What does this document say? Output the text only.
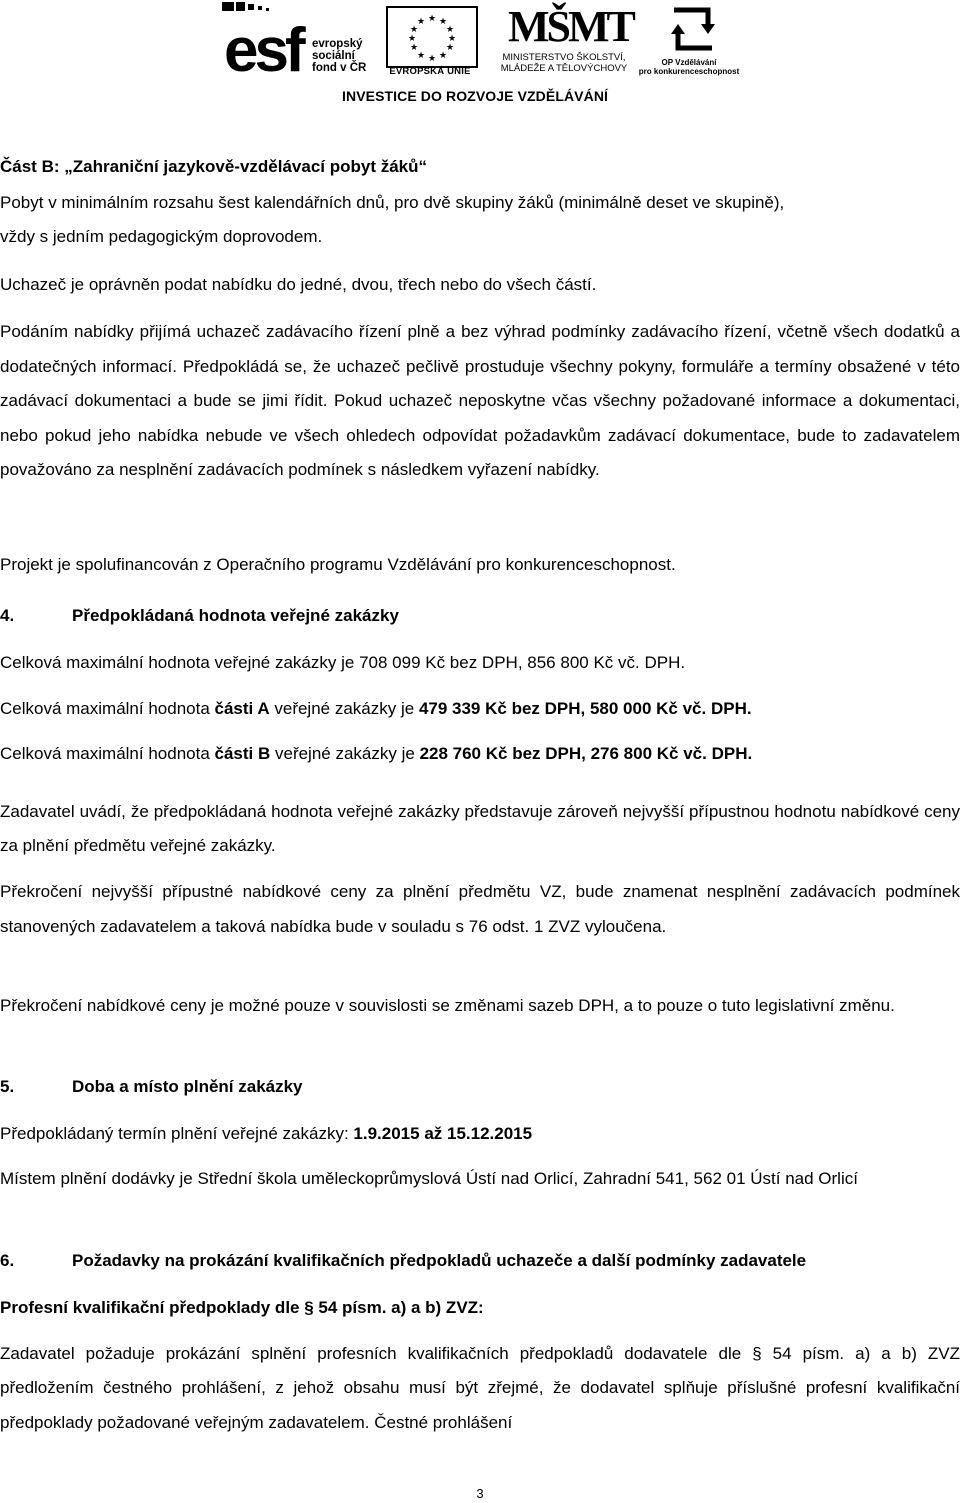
esf evropský
sociální
fond v ČR
★ ★
★
★
★
★
★
★
★
★
★
★
EVROPSKÁ UNIE
MŠMT
MINISTERSTVO ŠKOLSTVÍ,
MLÁDEŽE A TĚLOVÝCHOVY
OP Vzdělávání
pro konkurenceschopnost
INVESTICE DO ROZVOJE VZDĚLÁVÁNÍ

Část B: „Zahraniční jazykově-vzdělávací pobyt žáků“

Pobyt v minimálním rozsahu šest kalendářních dnů, pro dvě skupiny žáků (minimálně deset ve skupině),

vždy s jedním pedagogickým doprovodem.

Uchazeč je oprávněn podat nabídku do jedné, dvou, třech nebo do všech částí.

Podáním nabídky přijímá uchazeč zadávacího řízení plně a bez výhrad podmínky zadávacího řízení, včetně všech dodatků a dodatečných informací. Předpokládá se, že uchazeč pečlivě prostuduje všechny pokyny, formuláře a termíny obsažené v této zadávací dokumentaci a bude se jimi řídit. Pokud uchazeč neposkytne včas všechny požadované informace a dokumentaci, nebo pokud jeho nabídka nebude ve všech ohledech odpovídat požadavkům zadávací dokumentace, bude to zadavatelem považováno za nesplnění zadávacích podmínek s následkem vyřazení nabídky.

Projekt je spolufinancován z Operačního programu Vzdělávání pro konkurenceschopnost.

4.	Předpokládaná hodnota veřejné zakázky

Celková maximální hodnota veřejné zakázky je 708 099 Kč bez DPH, 856 800 Kč vč. DPH.

Celková maximální hodnota části A veřejné zakázky je 479 339 Kč bez DPH, 580 000 Kč vč. DPH.

Celková maximální hodnota části B veřejné zakázky je 228 760 Kč bez DPH, 276 800 Kč vč. DPH.

Zadavatel uvádí, že předpokládaná hodnota veřejné zakázky představuje zároveň nejvyšší přípustnou hodnotu nabídkové ceny za plnění předmětu veřejné zakázky.

Překročení nejvyšší přípustné nabídkové ceny za plnění předmětu VZ, bude znamenat nesplnění zadávacích podmínek stanovených zadavatelem a taková nabídka bude v souladu s 76 odst. 1 ZVZ vyloučena.

Překročení nabídkové ceny je možné pouze v souvislosti se změnami sazeb DPH, a to pouze o tuto legislativní změnu.

5.	Doba a místo plnění zakázky

Předpokládaný termín plnění veřejné zakázky: 1.9.2015 až 15.12.2015

Místem plnění dodávky je Střední škola uměleckoprůmyslová Ústí nad Orlicí, Zahradní 541, 562 01 Ústí nad Orlicí

6.	Požadavky na prokázání kvalifikačních předpokladů uchazeče a další podmínky zadavatele

Profesní kvalifikační předpoklady dle § 54 písm. a) a b) ZVZ:

Zadavatel požaduje prokázání splnění profesních kvalifikačních předpokladů dodavatele dle § 54 písm. a) a b) ZVZ předložením čestného prohlášení, z jehož obsahu musí být zřejmé, že dodavatel splňuje příslušné profesní kvalifikační předpoklady požadované veřejným zadavatelem. Čestné prohlášení

3
